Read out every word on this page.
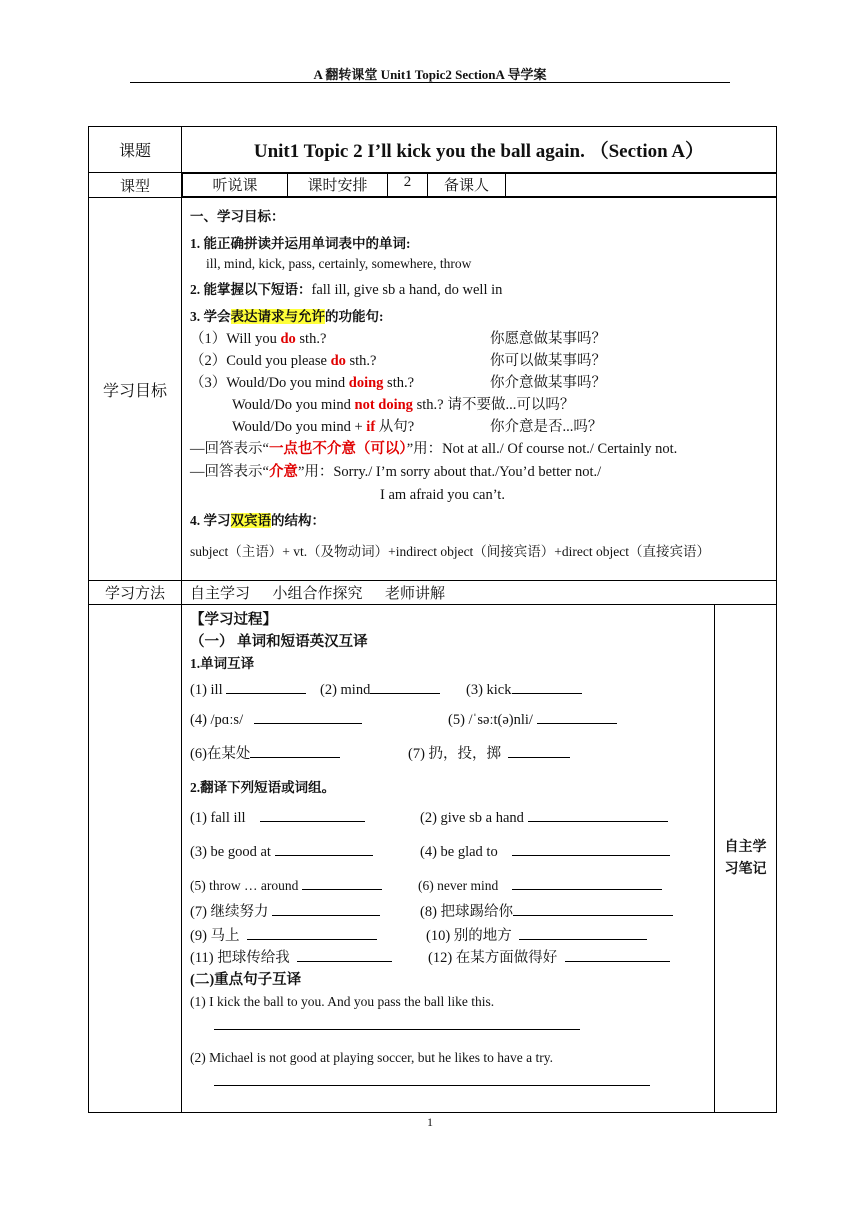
A 翻转课堂 Unit1 Topic2 SectionA 导学案
课题	Unit1 Topic 2 I’ll kick you the ball again. （Section A）
课型		听说课	课时安排	2	备课人	

学习目标	
一、学习目标：
1. 能正确拼读并运用单词表中的单词:
ill, mind, kick, pass, certainly, somewhere, throw
2. 能掌握以下短语：fall ill, give sb a hand, do well in
3. 学会表达请求与允许的功能句:
（1）Will you do sth.?	你愿意做某事吗？
（2）Could you please do sth.?	你可以做某事吗？
（3）Would/Do you mind doing sth.?	你介意做某事吗？
Would/Do you mind not doing sth.? 请不要做...可以吗？
Would/Do you mind + if 从句?	你介意是否...吗？
—回答表示“一点也不介意（可以）”用：Not at all./ Of course not./ Certainly not.
—回答表示“介意”用：Sorry./ I’m sorry about that./You’d better not./
I am afraid you can’t.
4. 学习双宾语的结构：
subject（主语）+ vt.（及物动词）+indirect object（间接宾语）+direct object（直接宾语）

学习方法	自主学习      小组合作探究      老师讲解

【学习过程】
（一） 单词和短语英汉互译
1.单词互译
(1) ill	(2) mind	(3) kick
(4) /pɑːs/	(5) /ˈsəːt(ə)nli/
(6)在某处	(7) 扔，投，掷
2.翻译下列短语或词组。
(1) fall ill	(2) give sb a hand
(3) be good at	(4) be glad to
(5) throw … around	(6) never mind
(7) 继续努力	(8) 把球踢给你
(9) 马上	(10) 别的地方
(11) 把球传给我	(12) 在某方面做得好
(二)重点句子互译
(1) I kick the ball to you. And you pass the ball like this.
(2) Michael is not good at playing soccer, but he likes to have a try.

自主学
习笔记
1
